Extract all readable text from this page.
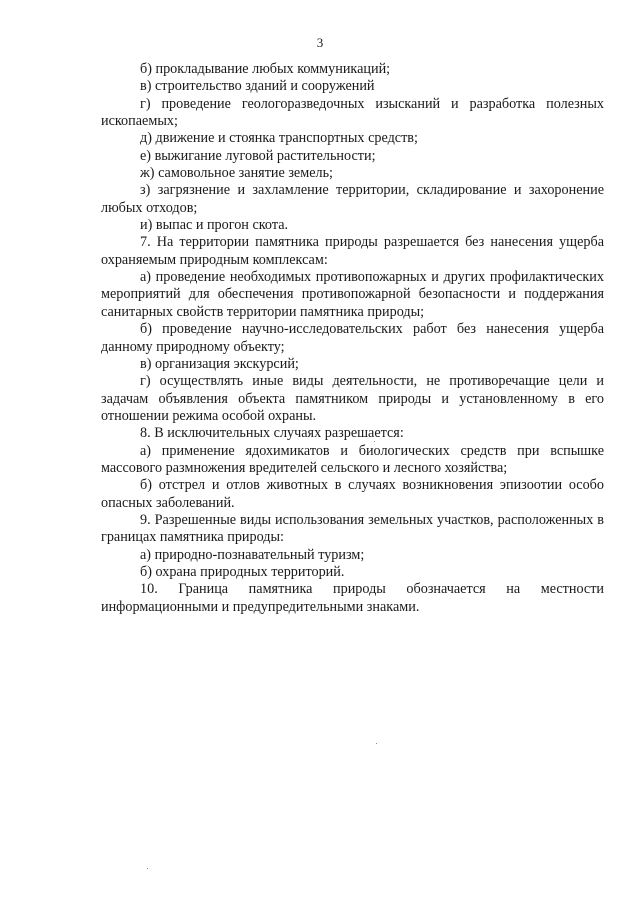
3

б) прокладывание любых коммуникаций;

в) строительство зданий и сооружений

г) проведение геологоразведочных изысканий и разработка полезных ископаемых;

д) движение и стоянка транспортных средств;

е) выжигание луговой растительности;

ж) самовольное занятие земель;

з) загрязнение и захламление территории, складирование и захоронение любых отходов;

и) выпас и прогон скота.

7. На территории памятника природы разрешается без нанесения ущерба охраняемым природным комплексам:

а) проведение необходимых противопожарных и других профилактических мероприятий для обеспечения противопожарной безопасности и поддержания санитарных свойств территории памятника природы;

б) проведение научно-исследовательских работ без нанесения ущерба данному природному объекту;

в) организация экскурсий;

г) осуществлять иные виды деятельности, не противоречащие цели и задачам объявления объекта памятником природы и установленному в его отношении режима особой охраны.

8. В исключительных случаях разрешается:

а) применение ядохимикатов и биологических средств при вспышке массового размножения вредителей сельского и лесного хозяйства;

б) отстрел и отлов животных в случаях возникновения эпизоотии особо опасных заболеваний.

9. Разрешенные виды использования земельных участков, расположенных в границах памятника природы:

а) природно-познавательный туризм;

б) охрана природных территорий.

10. Граница памятника природы обозначается на местности информационными и предупредительными знаками.
